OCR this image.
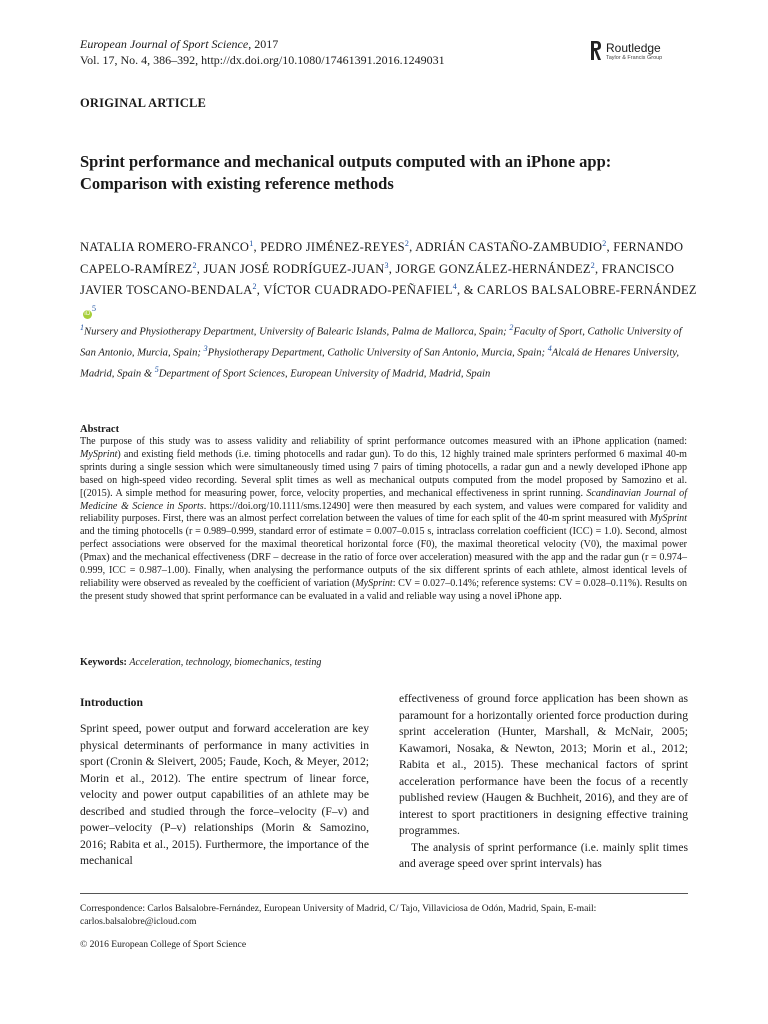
European Journal of Sport Science, 2017
Vol. 17, No. 4, 386–392, http://dx.doi.org/10.1080/17461391.2016.1249031
Routledge
Taylor & Francis Group
ORIGINAL ARTICLE
Sprint performance and mechanical outputs computed with an iPhone app: Comparison with existing reference methods
NATALIA ROMERO-FRANCO$^1$, PEDRO JIMÉNEZ-REYES$^2$, ADRIÁN CASTAÑO-ZAMBUDIO$^2$, FERNANDO CAPELO-RAMÍREZ$^2$, JUAN JOSÉ RODRÍGUEZ-JUAN$^3$, JORGE GONZÁLEZ-HERNÁNDEZ$^2$, FRANCISCO JAVIER TOSCANO-BENDALA$^2$, VÍCTOR CUADRADO-PEÑAFIEL$^4$, & CARLOS BALSALOBRE-FERNÁNDEZiD$^5$
$^1$Nursery and Physiotherapy Department, University of Balearic Islands, Palma de Mallorca, Spain; $^2$Faculty of Sport, Catholic University of San Antonio, Murcia, Spain; $^3$Physiotherapy Department, Catholic University of San Antonio, Murcia, Spain; $^4$Alcalá de Henares University, Madrid, Spain & $^5$Department of Sport Sciences, European University of Madrid, Madrid, Spain
Abstract
The purpose of this study was to assess validity and reliability of sprint performance outcomes measured with an iPhone application (named: MySprint) and existing field methods (i.e. timing photocells and radar gun). To do this, 12 highly trained male sprinters performed 6 maximal 40-m sprints during a single session which were simultaneously timed using 7 pairs of timing photocells, a radar gun and a newly developed iPhone app based on high-speed video recording. Several split times as well as mechanical outputs computed from the model proposed by Samozino et al. [(2015). A simple method for measuring power, force, velocity properties, and mechanical effectiveness in sprint running. Scandinavian Journal of Medicine & Science in Sports. https://doi.org/10.1111/sms.12490] were then measured by each system, and values were compared for validity and reliability purposes. First, there was an almost perfect correlation between the values of time for each split of the 40-m sprint measured with MySprint and the timing photocells (r = 0.989–0.999, standard error of estimate = 0.007–0.015 s, intraclass correlation coefficient (ICC) = 1.0). Second, almost perfect associations were observed for the maximal theoretical horizontal force (F0), the maximal theoretical velocity (V0), the maximal power (Pmax) and the mechanical effectiveness (DRF – decrease in the ratio of force over acceleration) measured with the app and the radar gun (r = 0.974–0.999, ICC = 0.987–1.00). Finally, when analysing the performance outputs of the six different sprints of each athlete, almost identical levels of reliability were observed as revealed by the coefficient of variation (MySprint: CV = 0.027–0.14%; reference systems: CV = 0.028–0.11%). Results on the present study showed that sprint performance can be evaluated in a valid and reliable way using a novel iPhone app.
Keywords: Acceleration, technology, biomechanics, testing
Introduction

Sprint speed, power output and forward acceleration are key physical determinants of performance in many activities in sport (Cronin & Sleivert, 2005; Faude, Koch, & Meyer, 2012; Morin et al., 2012). The entire spectrum of linear force, velocity and power output capabilities of an athlete may be described and studied through the force–velocity (F–v) and power–velocity (P–v) relationships (Morin & Samozino, 2016; Rabita et al., 2015). Furthermore, the importance of the mechanical

effectiveness of ground force application has been shown as paramount for a horizontally oriented force production during sprint acceleration (Hunter, Marshall, & McNair, 2005; Kawamori, Nosaka, & Newton, 2013; Morin et al., 2012; Rabita et al., 2015). These mechanical factors of sprint acceleration performance have been the focus of a recently published review (Haugen & Buchheit, 2016), and they are of interest to sport practitioners in designing effective training programmes.

The analysis of sprint performance (i.e. mainly split times and average speed over sprint intervals) has

Correspondence: Carlos Balsalobre-Fernández, European University of Madrid, C/ Tajo, Villaviciosa de Odón, Madrid, Spain, E-mail: carlos.balsalobre@icloud.com
© 2016 European College of Sport Science
